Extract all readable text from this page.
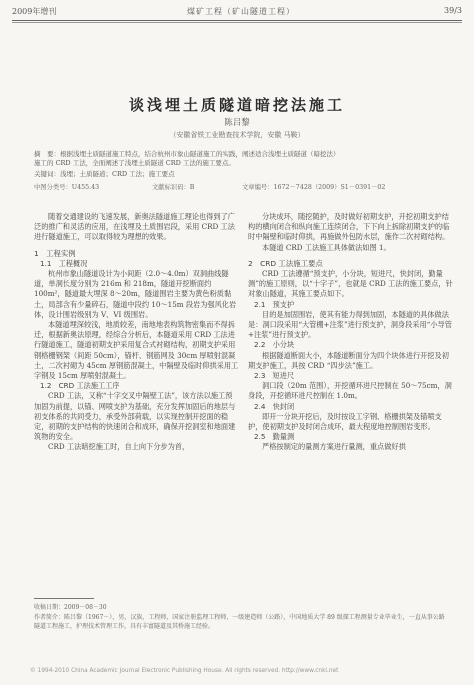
2009年增刊	煤矿工程（矿山隧道工程）	39/3
谈浅埋土质隧道暗挖法施工
陈吕黎
（安徽省铁工业勘查技术学院，安徽 马鞍）
摘　要：根据浅埋土质隧道施工特点，结合杭州市象山隧道施工的实践，阐述适合浅埋土质隧道（暗挖法）
施工的 CRD 工法，全面阐述了浅埋土质隧道 CRD 工法的施工要点。
关键词：浅埋；土质隧道；CRD 工法；施工要点
中图分类号：U455.43	文献标识码：B	文章编号：1672－7428（2009）S1－0391－02

随着交通建设的飞速发展，新奥法隧道施工理论也得到了广泛的推广和灵活的应用，在浅埋及土质围岩段，采用 CRD 工法进行隧道施工，可以取得较为理想的效果。

1　工程实例

1.1　工程概况

杭州市象山隧道设计为小间距（2.0～4.0m）双洞曲线隧道，单洞长度分别为 216m 和 218m，隧道开挖断面约 100m²，隧道最大埋深 8～20m，隧道围岩主要为黄色粉质黏土，局部含有少量碎石，隧道中段约 10～15m 段岩为强风化岩体，设计围岩级别为 V、VI 级围岩。

本隧道埋深较浅，地质较差，南地地表构筑物密集而不得拆迁，根据新奥法原理，经综合分析后，本隧道采用 CRD 工法进行隧道施工，隧道初期支护采用复合式衬砌结构，初期支护采用钢格栅钢架（间距 50cm），锚杆、钢筋网及 30cm 厚喷射混凝土，二次衬砌为 45cm 厚钢筋混凝土，中隔壁及临时仰拱采用工字钢及 15cm 厚喷射混凝土。

1.2　CRD 工法施工工序

CRD 工法，又称“十字交叉中隔壁工法”，该方法以施工预加固为前提，以锚、网喷支护为基础，充分发挥加固后的地层与初支体系的共同受力，承受外部荷载，以实现控制开挖面的稳定，初期的支护结构的快速闭合和成环，确保开挖洞室和地面建筑物的安全。

CRD 工法暗挖施工时，自上向下分步为首，

分块成环，随挖随护，及时做好初期支护，开挖初期支护结构的横向闭合和纵向施工连续闭合，下下向上拆除初期支护的临时中隔壁和临时仰拱，再施做外包防水层，施作二次衬砌结构。

本隧道 CRD 工法施工具体做法如图 1。

2　CRD 工法施工要点

CRD 工法遵循“预支护，小分块，短进尺，快封闭，勤量测”的施工原则，以“十字子”，也就是 CRD 工法的施工要点，针对象山隧道，其施工要点如下。

2.1　预支护

目的是加固围岩，使其有能力得到加固，本隧道的具体做法是：洞口段采用“大管棚+注浆”进行预支护，洞身段采用“小导管+注浆”进行预支护。

2.2　小分块

根据隧道断面大小，本隧道断面分为四个块体进行开挖及初期支护施工，具按 CRD “四步法”施工。

2.3　短进尺

洞口段（20m 范围），开挖循环进尺控制在 50～75cm，洞身段，开挖循环进尺控制在 1.0m。

2.4　快封闭

即开一分块开挖后，及时按设工字钢、格栅拱架及锚喷支护，使初期支护及时闭合成环，最大程度地控制围岩变形。

2.5　勤量测

严格按制定的量测方案进行量测，重点做好拱

收稿日期：2009－08－30
作者简介：陈吕黎（1967－），男，汉族，工程师，国家注册监理工程师，一级建造师（公路），中国地质大学 89 级探工程测量专业毕业生，一直从事公路隧道工程施工，护理技术管理工作，具有丰富隧道及其桥施工经验。
© 1994-2010 China Academic Journal Electronic Publishing House. All rights reserved. http://www.cnki.net
